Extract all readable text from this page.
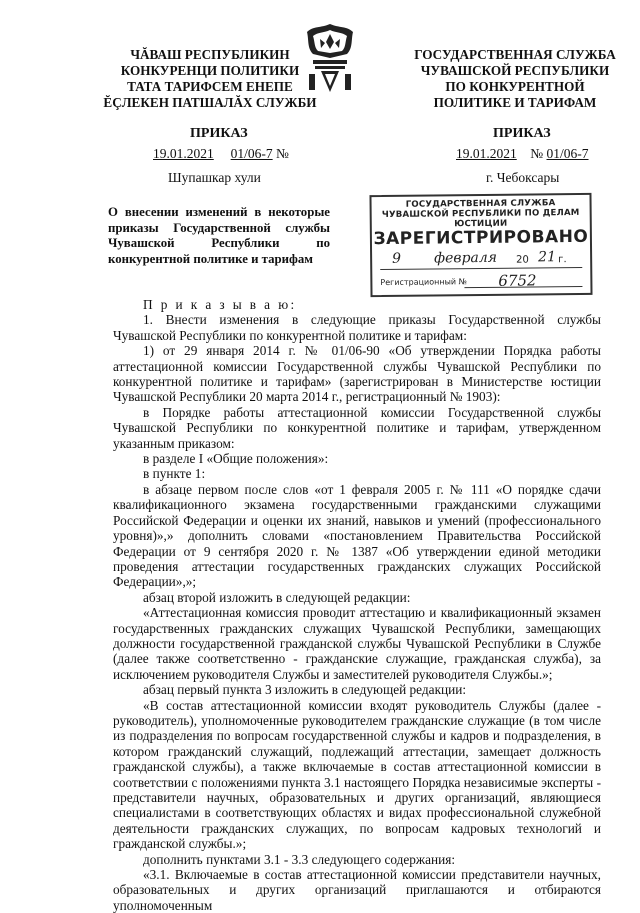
ЧĂВАШ РЕСПУБЛИКИН
КОНКУРЕНЦИ ПОЛИТИКИ
ТАТА ТАРИФСЕМ ЕНЕПЕ
ĔÇЛЕКЕН ПАТШАЛĂХ СЛУЖБИ
ГОСУДАРСТВЕННАЯ СЛУЖБА
ЧУВАШСКОЙ РЕСПУБЛИКИ
ПО КОНКУРЕНТНОЙ
ПОЛИТИКЕ И ТАРИФАМ
ПРИКАЗ	ПРИКАЗ
19.01.2021 01/06-7 №	19.01.2021 № 01/06-7
Шупашкар хули	г. Чебоксары
О внесении изменений в некоторые приказы Государственной службы Чувашской Республики по конкурентной политике и тарифам
ГОСУДАРСТВЕННАЯ СЛУЖБА ЧУВАШСКОЙ РЕСПУБЛИКИ ПО ДЕЛАМ ЮСТИЦИИ
ЗАРЕГИСТРИРОВАНО
9 февраля 20 21 г.
Регистрационный № 6752

П р и к а з ы в а ю:

1. Внести изменения в следующие приказы Государственной службы Чувашской Республики по конкурентной политике и тарифам:

1) от 29 января 2014 г. № 01/06-90 «Об утверждении Порядка работы аттестационной комиссии Государственной службы Чувашской Республики по конкурентной политике и тарифам» (зарегистрирован в Министерстве юстиции Чувашской Республики 20 марта 2014 г., регистрационный № 1903):

в Порядке работы аттестационной комиссии Государственной службы Чувашской Республики по конкурентной политике и тарифам, утвержденном указанным приказом:

в разделе I «Общие положения»:

в пункте 1:

в абзаце первом после слов «от 1 февраля 2005 г. № 111 «О порядке сдачи квалификационного экзамена государственными гражданскими служащими Российской Федерации и оценки их знаний, навыков и умений (профессионального уровня)»,» дополнить словами «постановлением Правительства Российской Федерации от 9 сентября 2020 г. № 1387 «Об утверждении единой методики проведения аттестации государственных гражданских служащих Российской Федерации»,»;

абзац второй изложить в следующей редакции:

«Аттестационная комиссия проводит аттестацию и квалификационный экзамен государственных гражданских служащих Чувашской Республики, замещающих должности государственной гражданской службы Чувашской Республики в Службе (далее также соответственно - гражданские служащие, гражданская служба), за исключением руководителя Службы и заместителей руководителя Службы.»;

абзац первый пункта 3 изложить в следующей редакции:

«В состав аттестационной комиссии входят руководитель Службы (далее - руководитель), уполномоченные руководителем гражданские служащие (в том числе из подразделения по вопросам государственной службы и кадров и подразделения, в котором гражданский служащий, подлежащий аттестации, замещает должность гражданской службы), а также включаемые в состав аттестационной комиссии в соответствии с положениями пункта 3.1 настоящего Порядка независимые эксперты - представители научных, образовательных и других организаций, являющиеся специалистами в соответствующих областях и видах профессиональной служебной деятельности гражданских служащих, по вопросам кадровых технологий и гражданской службы.»;

дополнить пунктами 3.1 - 3.3 следующего содержания:

«3.1. Включаемые в состав аттестационной комиссии представители научных, образовательных и других организаций приглашаются и отбираются уполномоченным
